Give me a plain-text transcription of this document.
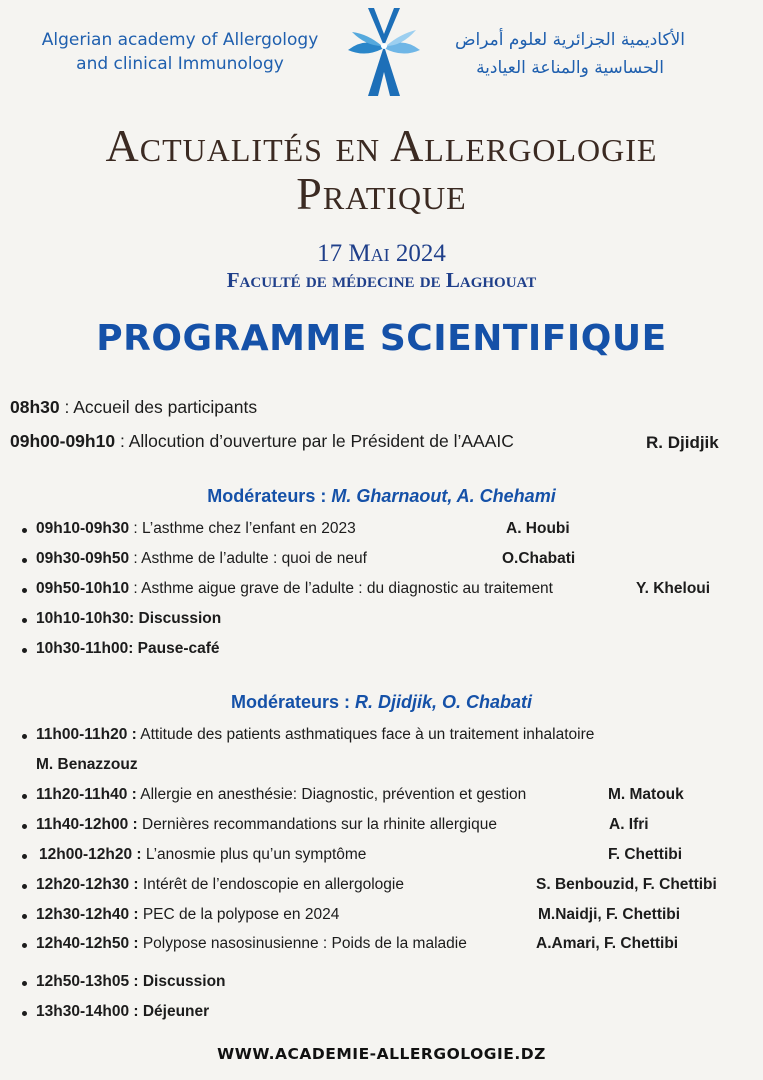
Algerian academy of Allergology
and clinical Immunology
الأكاديمية الجزائرية لعلوم أمراض
الحساسية والمناعة العيادية
Actualités en Allergologie
Pratique
17 Mai 2024
Faculté de médecine de Laghouat
PROGRAMME SCIENTIFIQUE
08h30 : Accueil des participants
09h00-09h10 : Allocution d’ouverture par le Président de l’AAAIC	R. Djidjik
Modérateurs : M. Gharnaout, A. Chehami
09h10-09h30 : L’asthme chez l’enfant en 2023	A. Houbi
09h30-09h50 : Asthme de l’adulte : quoi de neuf	O.Chabati
09h50-10h10 : Asthme aigue grave de l’adulte : du diagnostic au traitement	Y. Kheloui
10h10-10h30: Discussion
10h30-11h00: Pause-café
Modérateurs : R. Djidjik, O. Chabati
11h00-11h20 : Attitude des patients asthmatiques face à un traitement inhalatoire
M. Benazzouz
11h20-11h40 : Allergie en anesthésie: Diagnostic, prévention et gestion	M. Matouk
11h40-12h00 : Dernières recommandations sur la rhinite allergique	A. Ifri
12h00-12h20 : L’anosmie plus qu’un symptôme	F. Chettibi
12h20-12h30 : Intérêt de l’endoscopie en allergologie	S. Benbouzid, F. Chettibi
12h30-12h40 : PEC de la polypose en 2024	M.Naidji, F. Chettibi
12h40-12h50 : Polypose nasosinusienne : Poids de la maladie	A.Amari, F. Chettibi
12h50-13h05 : Discussion
13h30-14h00 : Déjeuner
WWW.ACADEMIE-ALLERGOLOGIE.DZ
